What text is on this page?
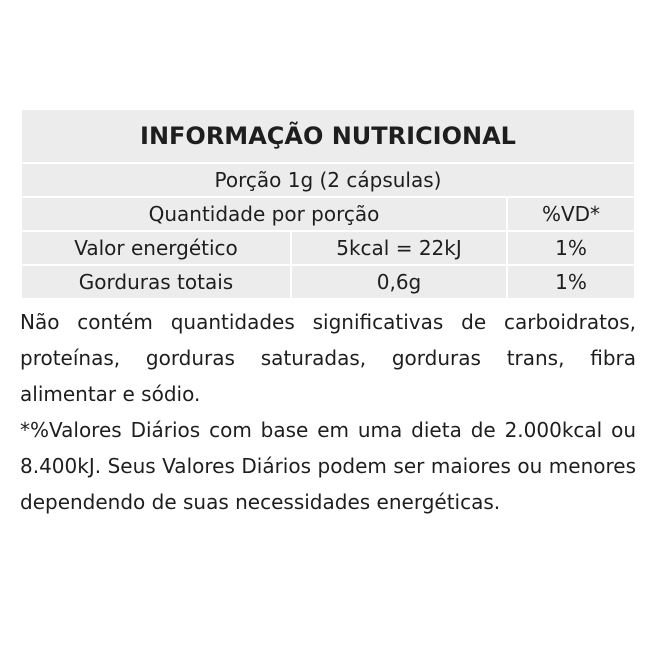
INFORMAÇÃO NUTRICIONAL		
Porção 1g (2 cápsulas)		
Quantidade por porção		%VD*
Valor energético	5kcal = 22kJ	1%
Gorduras totais	0,6g	1%

Não contém quantidades significativas de carboidratos, proteínas, gorduras saturadas, gorduras trans, fibra alimentar e sódio.

*%Valores Diários com base em uma dieta de 2.000kcal ou 8.400kJ. Seus Valores Diários podem ser maiores ou menores dependendo de suas necessidades energéticas.
